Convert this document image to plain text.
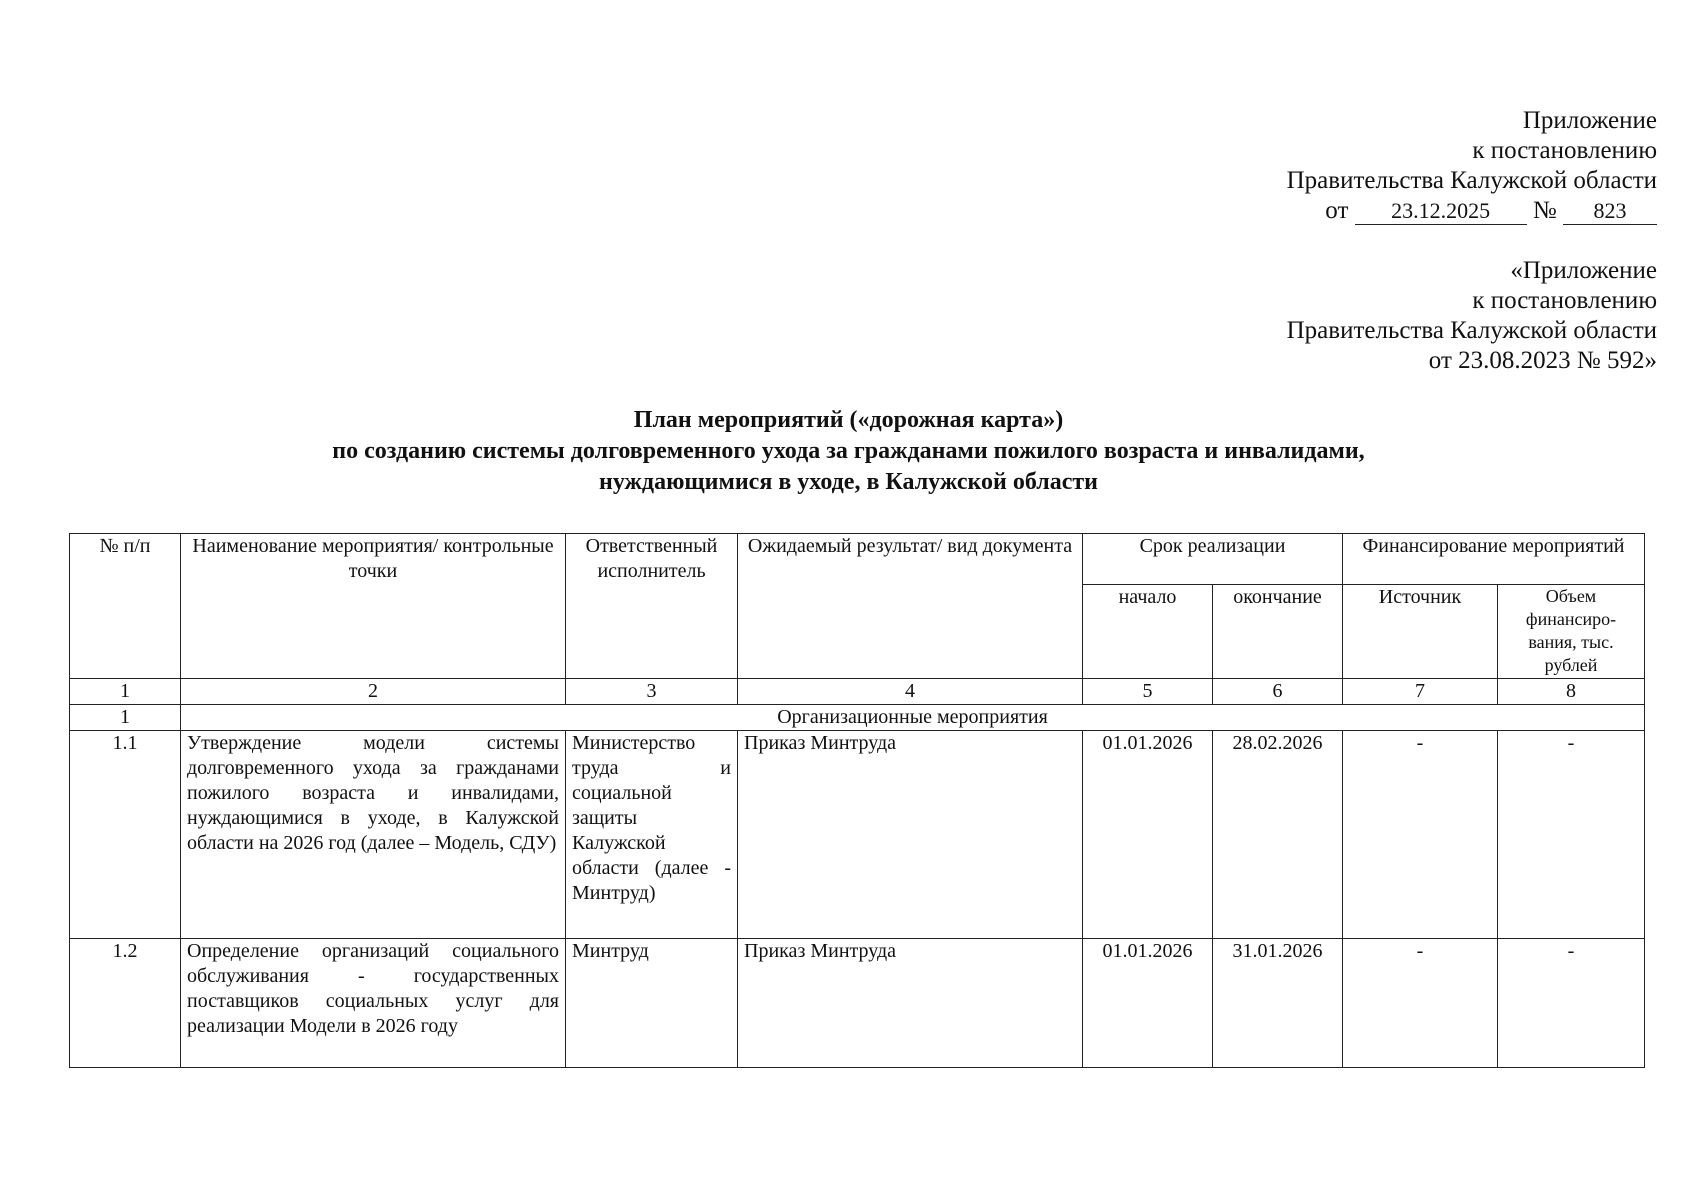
Приложение
к постановлению
Правительства Калужской области
от 23.12.2025 № 823
«Приложение
к постановлению
Правительства Калужской области
от 23.08.2023 № 592»
План мероприятий («дорожная карта»)
по созданию системы долговременного ухода за гражданами пожилого возраста и инвалидами,
нуждающимися в уходе, в Калужской области
№ п/п	Наименование мероприятия/ контрольные точки	Ответственный исполнитель	Ожидаемый результат/ вид документа	Срок реализации		Финансирование мероприятий	
				начало	окончание	Источник	Объем финансиро-вания, тыс. рублей
1	2	3	4	5	6	7	8
1	Организационные мероприятия						
1.1	Утверждение модели системы долговременного ухода за гражданами пожилого возраста и инвалидами, нуждающимися в уходе, в Калужской области на 2026 год (далее – Модель, СДУ)	Министерство труда и социальной защиты Калужской области (далее - Минтруд)	Приказ Минтруда	01.01.2026	28.02.2026	-	-
1.2	Определение организаций социального обслуживания - государственных поставщиков социальных услуг для реализации Модели в 2026 году	Минтруд	Приказ Минтруда	01.01.2026	31.01.2026	-	-
